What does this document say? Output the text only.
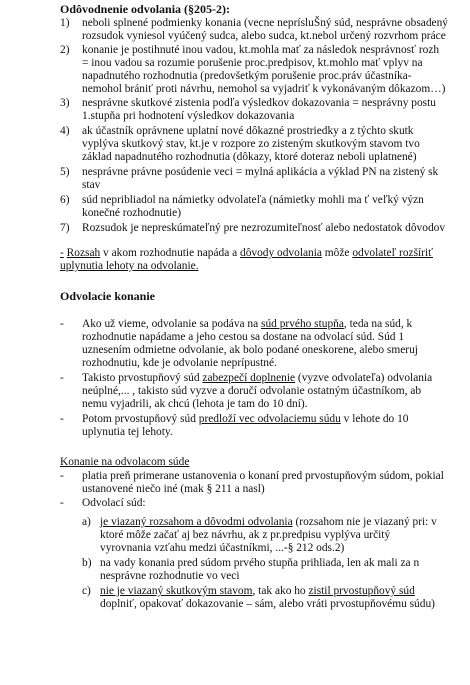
Odôvodnenie odvolania (§205-2):
1) neboli splnené podmienky konania (vecne neprísluŠný súd, nesprávne obsadený
rozsudok vyniesol vyúčený sudca, alebo sudca, kt.nebol určený rozvrhom práce
2) konanie je postihnuté inou vadou, kt.mohla mať za následok nesprávnosť rozh
= inou vadou sa rozumie porušenie proc.predpisov, kt.mohlo mať vplyv na
napadnutého rozhodnutia (predovšetkým porušenie proc.práv účastníka-
nemohol brániť proti návrhu, nemohol sa vyjadriť k vykonávaným dôkazom…)
3) nesprávne skutkové zistenia podľa výsledkov dokazovania = nesprávny postu
1.stupňa pri hodnotení výsledkov dokazovania
4) ak účastník oprávnene uplatní nové dôkazné prostriedky a z týchto skutk
vyplýva skutkový stav, kt.je v rozpore zo zisteným skutkovým stavom tvo
základ napadnutého rozhodnutia (dôkazy, ktoré doteraz neboli uplatnené)
5) nesprávne právne posúdenie veci = mylná aplikácia a výklad PN na zistený sk
stav
6) súd nepribliadol na námietky odvolateľa (námietky mohli ma ť veľký význ
konečné rozhodnutie)
7) Rozsudok je nepreskúmateľný pre nezrozumiteľnosť alebo nedostatok dôvodov
- Rozsah v akom rozhodnutie napáda a dôvody odvolania môže odvolateľ rozšíriť
uplynutia lehoty na odvolanie.
Odvolacie konanie
- Ako už vieme, odvolanie sa podáva na súd prvého stupňa, teda na súd, k
rozhodnutie napádame a jeho cestou sa dostane na odvolací súd. Súd 1
uznesením odmietne odvolanie, ak bolo podané oneskorene, alebo smeruj
rozhodnutiu, kde je odvolanie neprípustné.
- Takisto prvostupňový súd zabezpečí doplnenie (vyzve odvolateľa) odvolania
neúplné,... , takisto súd vyzve a doručí odvolanie ostatným účastníkom, ab
nemu vyjadrili, ak chcú (lehota je tam do 10 dní).
- Potom prvostupňový súd predloží vec odvolaciemu súdu v lehote do 10
uplynutia tej lehoty.
Konanie na odvolacom súde
- platia preň primerane ustanovenia o konaní pred prvostupňovým súdom, pokial
ustanovené niečo iné (mak § 211 a nasl)
- Odvolací súd:
a) je viazaný rozsahom a dôvodmi odvolania (rozsahom nie je viazaný pri: v
ktoré môže začať aj bez návrhu, ak z pr.predpisu vyplýva určitý
vyrovnania vzťahu medzi účastníkmi, ...-§ 212 ods.2)
b) na vady konania pred súdom prvého stupňa prihliada, len ak mali za n
nesprávne rozhodnutie vo veci
c) nie je viazaný skutkovým stavom, tak ako ho zistil prvostupňový súd
doplniť, opakovať dokazovanie – sám, alebo vráti prvostupňovému súdu)
